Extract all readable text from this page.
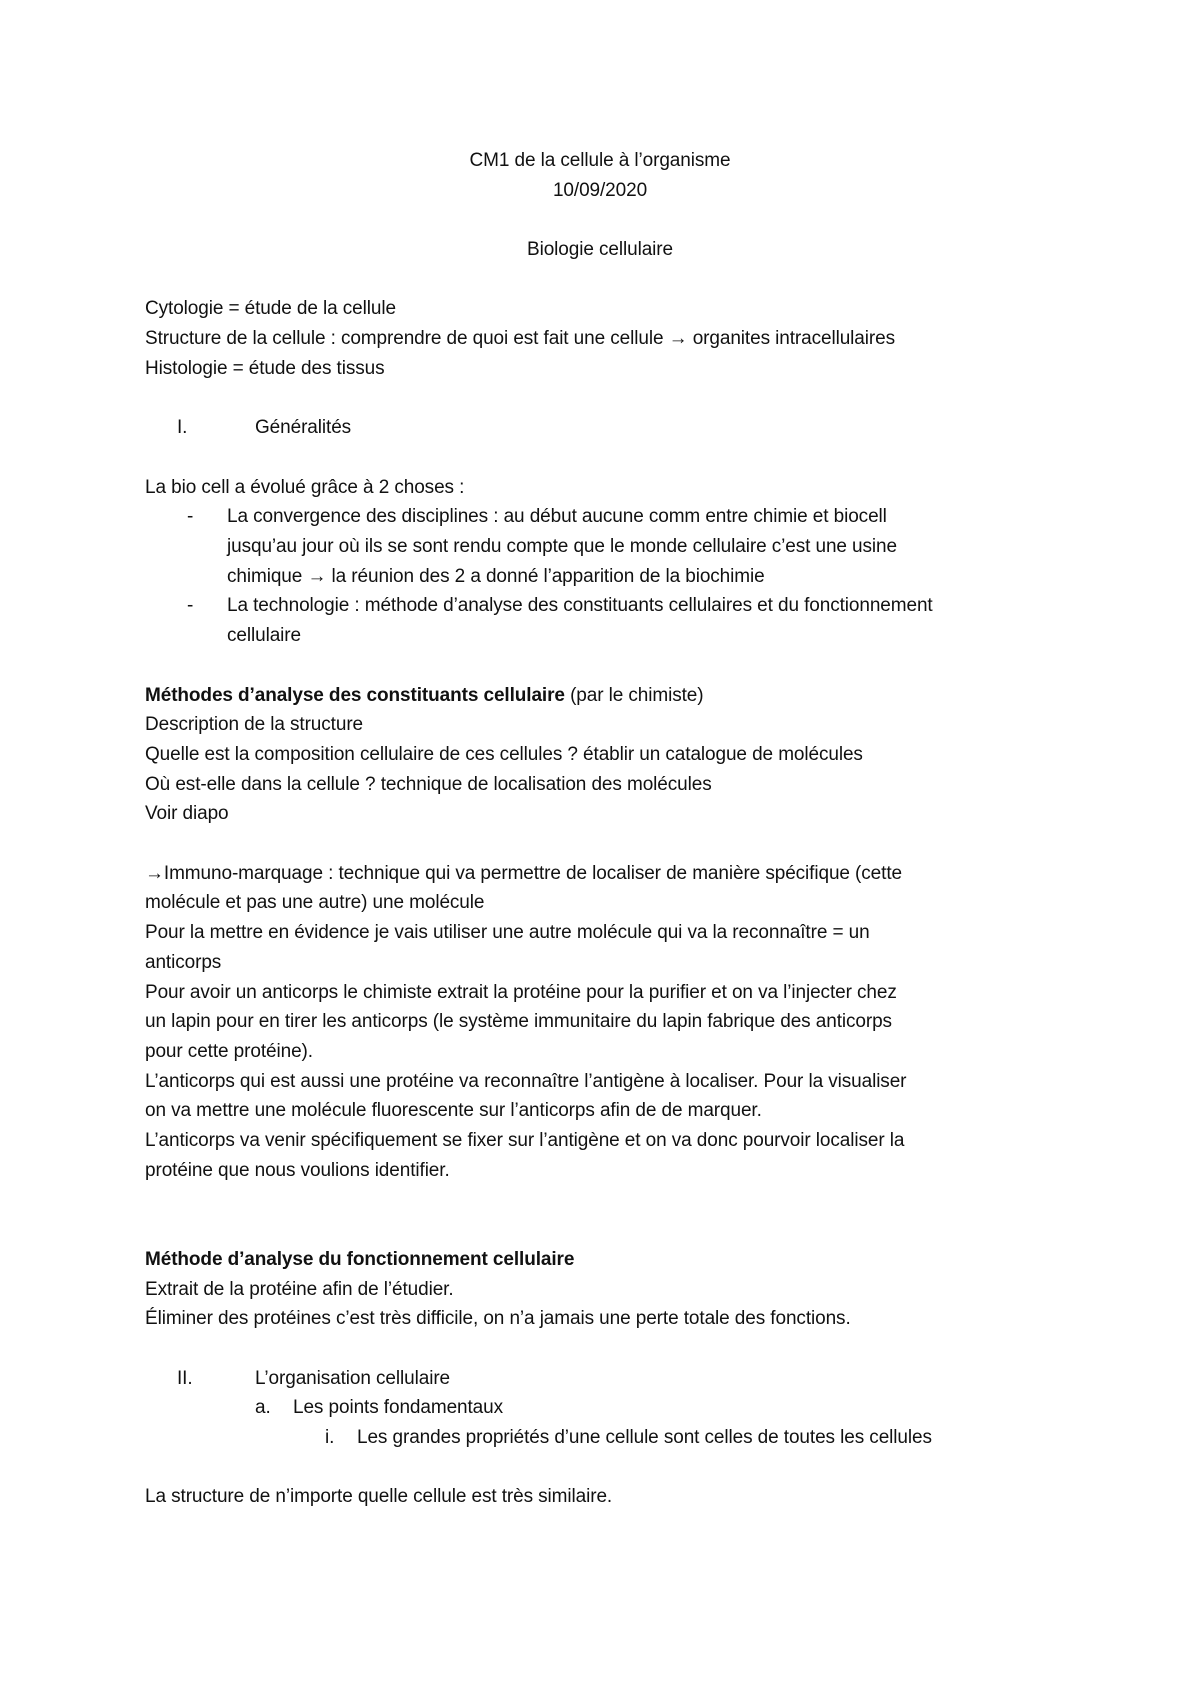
CM1 de la cellule à l’organisme
10/09/2020
Biologie cellulaire
Cytologie = étude de la cellule
Structure de la cellule : comprendre de quoi est fait une cellule → organites intracellulaires
Histologie = étude des tissus
I.	Généralités
La bio cell a évolué grâce à 2 choses :
-	La convergence des disciplines : au début aucune comm entre chimie et biocell
jusqu’au jour où ils se sont rendu compte que le monde cellulaire c’est une usine
chimique → la réunion des 2 a donné l’apparition de la biochimie
-	La technologie : méthode d’analyse des constituants cellulaires et du fonctionnement
cellulaire
Méthodes d’analyse des constituants cellulaire (par le chimiste)
Description de la structure
Quelle est la composition cellulaire de ces cellules ? établir un catalogue de molécules
Où est-elle dans la cellule ? technique de localisation des molécules
Voir diapo
→Immuno-marquage : technique qui va permettre de localiser de manière spécifique (cette
molécule et pas une autre) une molécule
Pour la mettre en évidence je vais utiliser une autre molécule qui va la reconnaître = un
anticorps
Pour avoir un anticorps le chimiste extrait la protéine pour la purifier et on va l’injecter chez
un lapin pour en tirer les anticorps (le système immunitaire du lapin fabrique des anticorps
pour cette protéine).
L’anticorps qui est aussi une protéine va reconnaître l’antigène à localiser. Pour la visualiser
on va mettre une molécule fluorescente sur l’anticorps afin de de marquer.
L’anticorps va venir spécifiquement se fixer sur l’antigène et on va donc pourvoir localiser la
protéine que nous voulions identifier.
Méthode d’analyse du fonctionnement cellulaire
Extrait de la protéine afin de l’étudier.
Éliminer des protéines c’est très difficile, on n’a jamais une perte totale des fonctions.
II.	L’organisation cellulaire
a.	Les points fondamentaux
i.	Les grandes propriétés d’une cellule sont celles de toutes les cellules
La structure de n’importe quelle cellule est très similaire.
